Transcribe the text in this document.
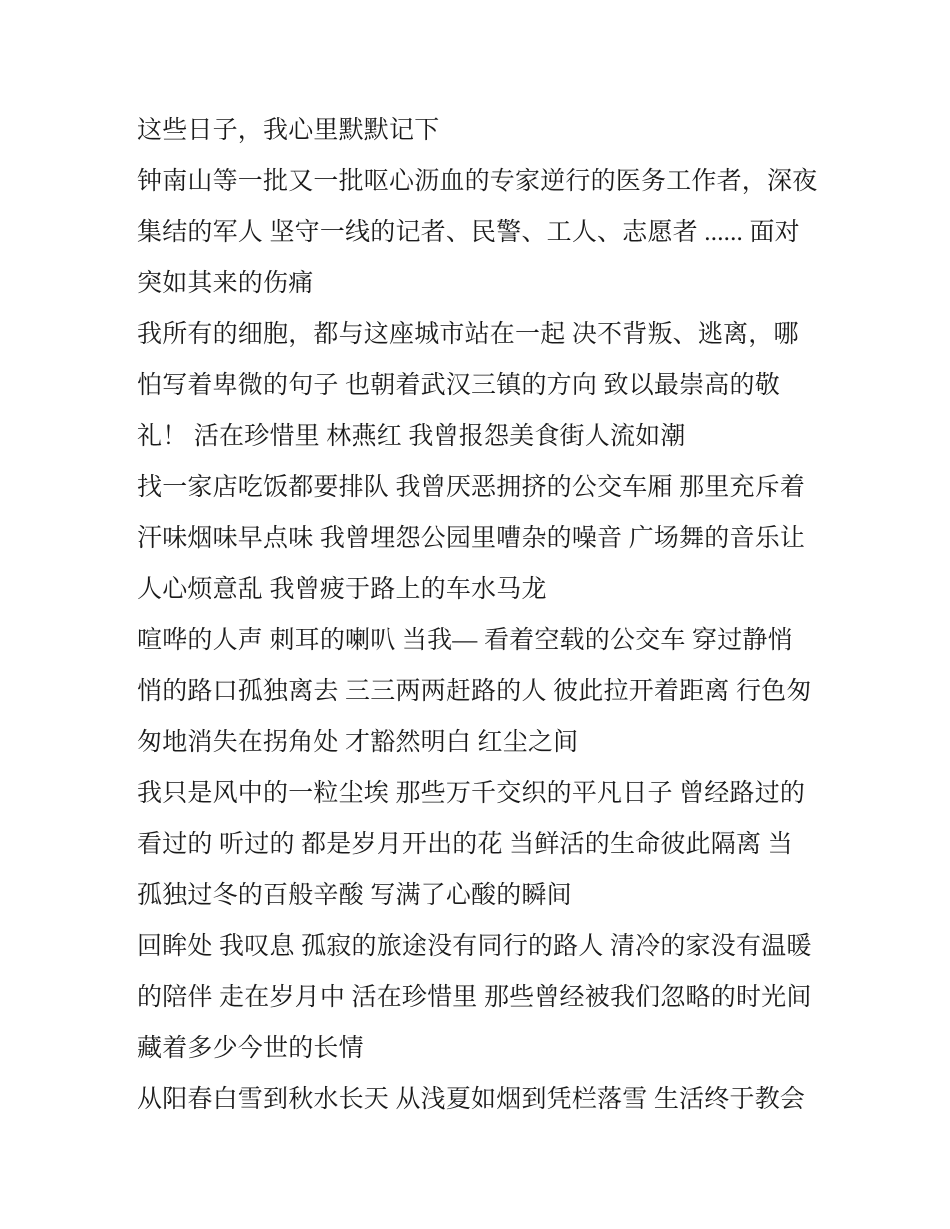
这些日子，我心里默默记下

钟南山等一批又一批呕心沥血的专家逆行的医务工作者，深夜

集结的军人 坚守一线的记者、民警、工人、志愿者 ...... 面对

突如其来的伤痛

我所有的细胞，都与这座城市站在一起 决不背叛、逃离，哪

怕写着卑微的句子 也朝着武汉三镇的方向 致以最崇高的敬

礼！ 活在珍惜里 林燕红 我曾报怨美食街人流如潮

找一家店吃饭都要排队 我曾厌恶拥挤的公交车厢 那里充斥着

汗味烟味早点味 我曾埋怨公园里嘈杂的噪音 广场舞的音乐让

人心烦意乱 我曾疲于路上的车水马龙

喧哗的人声 刺耳的喇叭 当我— 看着空载的公交车 穿过静悄

悄的路口孤独离去 三三两两赶路的人 彼此拉开着距离 行色匆

匆地消失在拐角处 才豁然明白 红尘之间

我只是风中的一粒尘埃 那些万千交织的平凡日子 曾经路过的

看过的 听过的 都是岁月开出的花 当鲜活的生命彼此隔离 当

孤独过冬的百般辛酸 写满了心酸的瞬间

回眸处 我叹息 孤寂的旅途没有同行的路人 清冷的家没有温暖

的陪伴 走在岁月中 活在珍惜里 那些曾经被我们忽略的时光间

藏着多少今世的长情

从阳春白雪到秋水长天 从浅夏如烟到凭栏落雪 生活终于教会
